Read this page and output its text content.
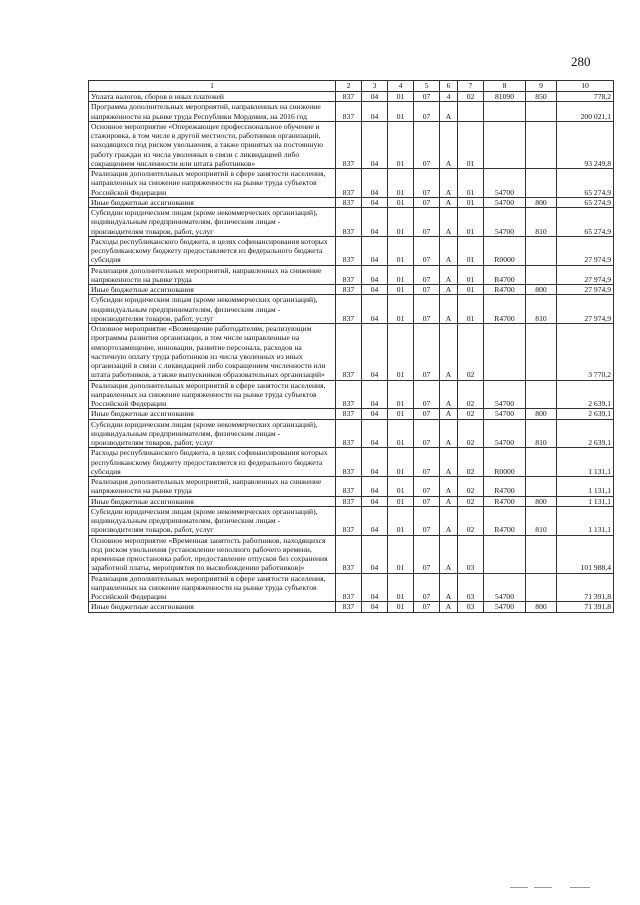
280
1	2	3	4	5	6	7	8	9	10
Уплата налогов, сборов и иных платежей	837	04	01	07	4	02	81090	850	778,2
Программа дополнительных мероприятий, направленных на снижение напряженности на рынке труда Республики Мордовия, на 2016 год	837	04	01	07	А				200 021,1
Основное мероприятие «Опережающее профессиональное обучение и стажировка, в том числе в другой местности, работников организаций, находящихся под риском увольнения, а также принятых на постоянную работу граждан из числа уволенных в связи с ликвидацией либо сокращением численности или штата работников»	837	04	01	07	А	01			93 249,8
Реализация дополнительных мероприятий в сфере занятости населения, направленных на снижение напряженности на рынке труда субъектов Российской Федерации	837	04	01	07	А	01	54700		65 274,9
Иные бюджетные ассигнования	837	04	01	07	А	01	54700	800	65 274,9
Субсидии юридическим лицам (кроме некоммерческих организаций), индивидуальным предпринимателям, физическим лицам - производителям товаров, работ, услуг	837	04	01	07	А	01	54700	810	65 274,9
Расходы республиканского бюджета, в целях софинансирования которых республиканскому бюджету предоставляется из федерального бюджета субсидия	837	04	01	07	А	01	R0000		27 974,9
Реализация дополнительных мероприятий, направленных на снижение напряженности на рынке труда	837	04	01	07	А	01	R4700		27 974,9
Иные бюджетные ассигнования	837	04	01	07	А	01	R4700	800	27 974,9
Субсидии юридическим лицам (кроме некоммерческих организаций), индивидуальным предпринимателям, физическим лицам - производителям товаров, работ, услуг	837	04	01	07	А	01	R4700	810	27 974,9
Основное мероприятие «Возмещение работодателям, реализующим программы развития организации, в том числе направленные на импортозамещение, инновации, развитие персонала, расходов на частичную оплату труда работников из числа уволенных из иных организаций в связи с ликвидацией либо сокращением численности или штата работников, а также выпускников образовательных организаций»	837	04	01	07	А	02			3 770,2
Реализация дополнительных мероприятий в сфере занятости населения, направленных на снижение напряженности на рынке труда субъектов Российской Федерации	837	04	01	07	А	02	54700		2 639,1
Иные бюджетные ассигнования	837	04	01	07	А	02	54700	800	2 639,1
Субсидии юридическим лицам (кроме некоммерческих организаций), индивидуальным предпринимателям, физическим лицам - производителям товаров, работ, услуг	837	04	01	07	А	02	54700	810	2 639,1
Расходы республиканского бюджета, в целях софинансирования которых республиканскому бюджету предоставляется из федерального бюджета субсидия	837	04	01	07	А	02	R0000		1 131,1
Реализация дополнительных мероприятий, направленных на снижение напряженности на рынке труда	837	04	01	07	А	02	R4700		1 131,1
Иные бюджетные ассигнования	837	04	01	07	А	02	R4700	800	1 131,1
Субсидии юридическим лицам (кроме некоммерческих организаций), индивидуальным предпринимателям, физическим лицам - производителям товаров, работ, услуг	837	04	01	07	А	02	R4700	810	1 131,1
Основное мероприятие «Временная занятость работников, находящихся под риском увольнения (установление неполного рабочего времени, временная приостановка работ, предоставление отпусков без сохранения заработной платы, мероприятия по высвобождению работников)»	837	04	01	07	А	03			101 988,4
Реализация дополнительных мероприятий в сфере занятости населения, направленных на снижение напряженности на рынке труда субъектов Российской Федерации	837	04	01	07	А	03	54700		71 391,8
Иные бюджетные ассигнования	837	04	01	07	А	03	54700	800	71 391,8
